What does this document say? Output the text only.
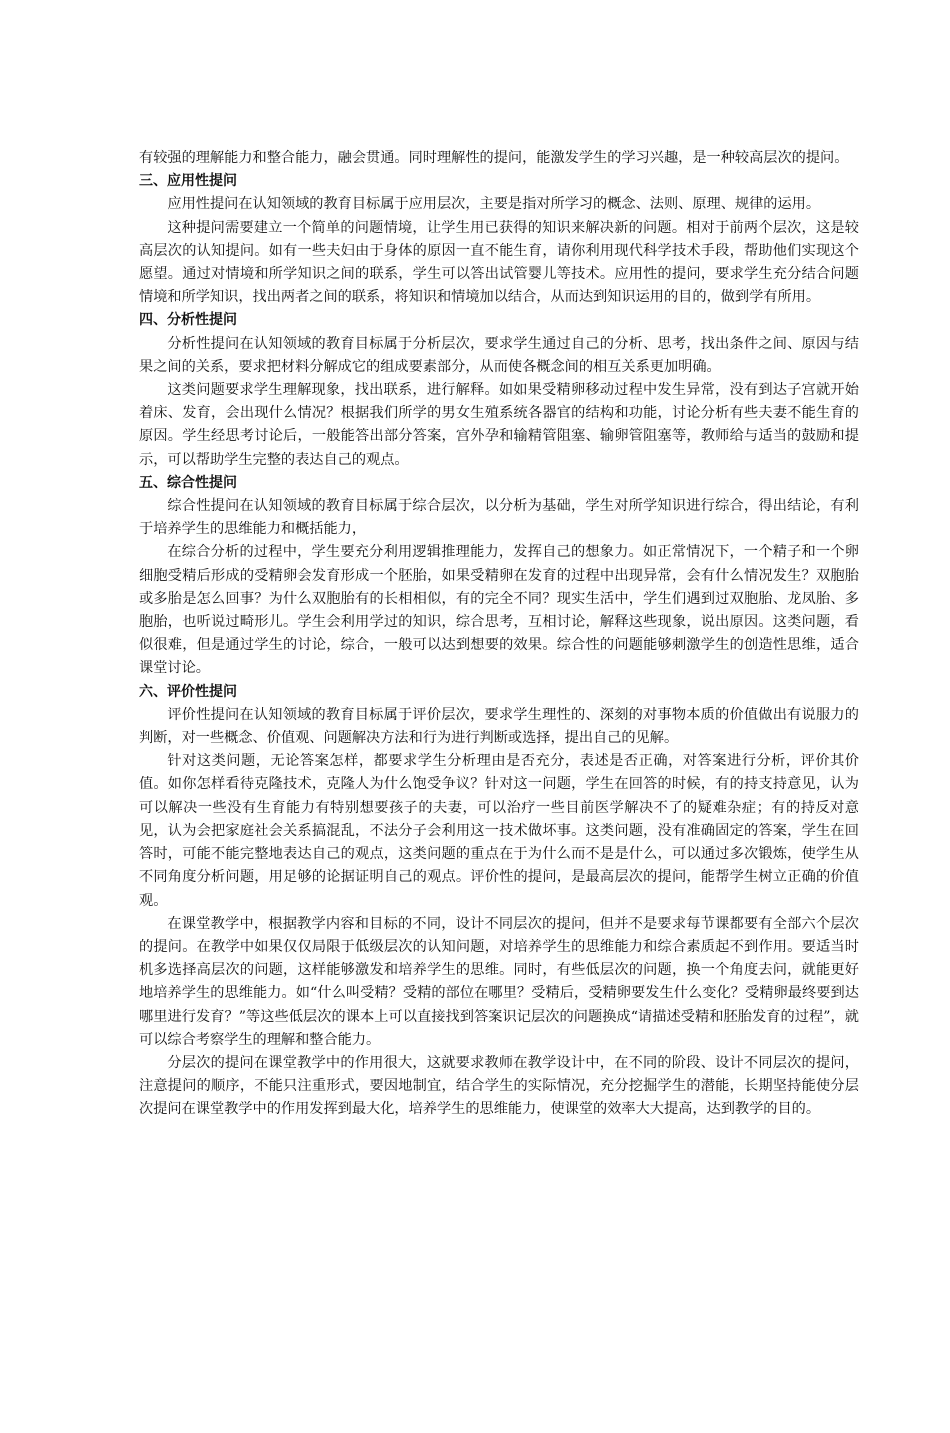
有较强的理解能力和整合能力，融会贯通。同时理解性的提问，能激发学生的学习兴趣，是一种较高层次的提问。

三、应用性提问

应用性提问在认知领域的教育目标属于应用层次，主要是指对所学习的概念、法则、原理、规律的运用。

这种提问需要建立一个简单的问题情境，让学生用已获得的知识来解决新的问题。相对于前两个层次，这是较高层次的认知提问。如有一些夫妇由于身体的原因一直不能生育，请你利用现代科学技术手段，帮助他们实现这个愿望。通过对情境和所学知识之间的联系，学生可以答出试管婴儿等技术。应用性的提问，要求学生充分结合问题情境和所学知识，找出两者之间的联系，将知识和情境加以结合，从而达到知识运用的目的，做到学有所用。

四、分析性提问

分析性提问在认知领域的教育目标属于分析层次，要求学生通过自己的分析、思考，找出条件之间、原因与结果之间的关系，要求把材料分解成它的组成要素部分，从而使各概念间的相互关系更加明确。

这类问题要求学生理解现象，找出联系，进行解释。如如果受精卵移动过程中发生异常，没有到达子宫就开始着床、发育，会出现什么情况？根据我们所学的男女生殖系统各器官的结构和功能，讨论分析有些夫妻不能生育的原因。学生经思考讨论后，一般能答出部分答案，宫外孕和输精管阻塞、输卵管阻塞等，教师给与适当的鼓励和提示，可以帮助学生完整的表达自己的观点。

五、综合性提问

综合性提问在认知领域的教育目标属于综合层次，以分析为基础，学生对所学知识进行综合，得出结论，有利于培养学生的思维能力和概括能力，

在综合分析的过程中，学生要充分利用逻辑推理能力，发挥自己的想象力。如正常情况下，一个精子和一个卵细胞受精后形成的受精卵会发育形成一个胚胎，如果受精卵在发育的过程中出现异常，会有什么情况发生？双胞胎或多胎是怎么回事？为什么双胞胎有的长相相似，有的完全不同？现实生活中，学生们遇到过双胞胎、龙凤胎、多胞胎，也听说过畸形儿。学生会利用学过的知识，综合思考，互相讨论，解释这些现象，说出原因。这类问题，看似很难，但是通过学生的讨论，综合，一般可以达到想要的效果。综合性的问题能够刺激学生的创造性思维，适合课堂讨论。

六、评价性提问

评价性提问在认知领域的教育目标属于评价层次，要求学生理性的、深刻的对事物本质的价值做出有说服力的判断，对一些概念、价值观、问题解决方法和行为进行判断或选择，提出自己的见解。

针对这类问题，无论答案怎样，都要求学生分析理由是否充分，表述是否正确，对答案进行分析，评价其价值。如你怎样看待克隆技术，克隆人为什么饱受争议？针对这一问题，学生在回答的时候，有的持支持意见，认为可以解决一些没有生育能力有特别想要孩子的夫妻，可以治疗一些目前医学解决不了的疑难杂症；有的持反对意见，认为会把家庭社会关系搞混乱，不法分子会利用这一技术做坏事。这类问题，没有准确固定的答案，学生在回答时，可能不能完整地表达自己的观点，这类问题的重点在于为什么而不是是什么，可以通过多次锻炼，使学生从不同角度分析问题，用足够的论据证明自己的观点。评价性的提问，是最高层次的提问，能帮学生树立正确的价值观。

在课堂教学中，根据教学内容和目标的不同，设计不同层次的提问，但并不是要求每节课都要有全部六个层次的提问。在教学中如果仅仅局限于低级层次的认知问题，对培养学生的思维能力和综合素质起不到作用。要适当时机多选择高层次的问题，这样能够激发和培养学生的思维。同时，有些低层次的问题，换一个角度去问，就能更好地培养学生的思维能力。如“什么叫受精？受精的部位在哪里？受精后，受精卵要发生什么变化？受精卵最终要到达哪里进行发育？”等这些低层次的课本上可以直接找到答案识记层次的问题换成“请描述受精和胚胎发育的过程”，就可以综合考察学生的理解和整合能力。

分层次的提问在课堂教学中的作用很大，这就要求教师在教学设计中，在不同的阶段、设计不同层次的提问，注意提问的顺序，不能只注重形式，要因地制宜，结合学生的实际情况，充分挖掘学生的潜能，长期坚持能使分层次提问在课堂教学中的作用发挥到最大化，培养学生的思维能力，使课堂的效率大大提高，达到教学的目的。
